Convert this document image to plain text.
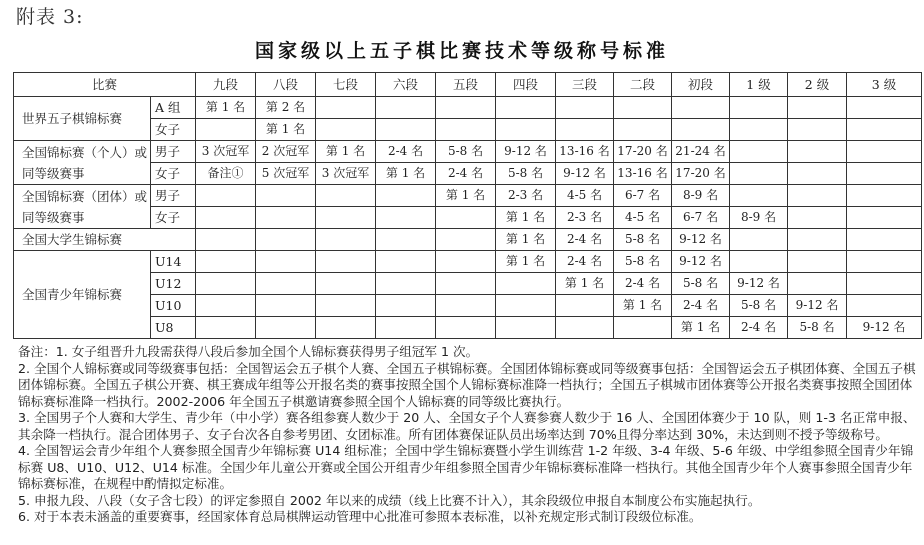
附表 3:
国家级以上五子棋比赛技术等级称号标准
比赛		九段	八段	七段	六段	五段	四段	三段	二段	初段	1 级	2 级	3 级
世界五子棋锦标赛	A 组	第 1 名	第 2 名										
	女子		第 1 名										
全国锦标赛（个人）或同等级赛事	男子	3 次冠军	2 次冠军	第 1 名	2-4 名	5-8 名	9-12 名	13-16 名	17-20 名	21-24 名			
	女子	备注①	5 次冠军	3 次冠军	第 1 名	2-4 名	5-8 名	9-12 名	13-16 名	17-20 名			
全国锦标赛（团体）或同等级赛事	男子					第 1 名	2-3 名	4-5 名	6-7 名	8-9 名			
	女子						第 1 名	2-3 名	4-5 名	6-7 名	8-9 名		
全国大学生锦标赛							第 1 名	2-4 名	5-8 名	9-12 名			
全国青少年锦标赛	U14						第 1 名	2-4 名	5-8 名	9-12 名			
	U12							第 1 名	2-4 名	5-8 名	9-12 名		
	U10								第 1 名	2-4 名	5-8 名	9-12 名	
	U8									第 1 名	2-4 名	5-8 名	9-12 名

备注：1. 女子组晋升九段需获得八段后参加全国个人锦标赛获得男子组冠军 1 次。

2. 全国个人锦标赛或同等级赛事包括：全国智运会五子棋个人赛、全国五子棋锦标赛。全国团体锦标赛或同等级赛事包括：全国智运会五子棋团体赛、全国五子棋团体锦标赛。全国五子棋公开赛、棋王赛成年组等公开报名类的赛事按照全国个人锦标赛标准降一档执行；全国五子棋城市团体赛等公开报名类赛事按照全国团体锦标赛标准降一档执行。2002-2006 年全国五子棋邀请赛参照全国个人锦标赛的同等级比赛执行。

3. 全国男子个人赛和大学生、青少年（中小学）赛各组参赛人数少于 20 人、全国女子个人赛参赛人数少于 16 人、全国团体赛少于 10 队，则 1-3 名正常申报、其余降一档执行。混合团体男子、女子台次各自参考男团、女团标准。所有团体赛保证队员出场率达到 70%且得分率达到 30%，未达到则不授予等级称号。

4. 全国智运会青少年组个人赛参照全国青少年锦标赛 U14 组标准；全国中学生锦标赛暨小学生训练营 1-2 年级、3-4 年级、5-6 年级、中学组参照全国青少年锦标赛 U8、U10、U12、U14 标准。全国少年儿童公开赛或全国公开组青少年组参照全国青少年锦标赛标准降一档执行。其他全国青少年个人赛事参照全国青少年锦标赛标准，在规程中酌情拟定标准。

5. 申报九段、八段（女子含七段）的评定参照自 2002 年以来的成绩（线上比赛不计入），其余段级位申报自本制度公布实施起执行。

6. 对于本表未涵盖的重要赛事，经国家体育总局棋牌运动管理中心批准可参照本表标准，以补充规定形式制订段级位标准。
